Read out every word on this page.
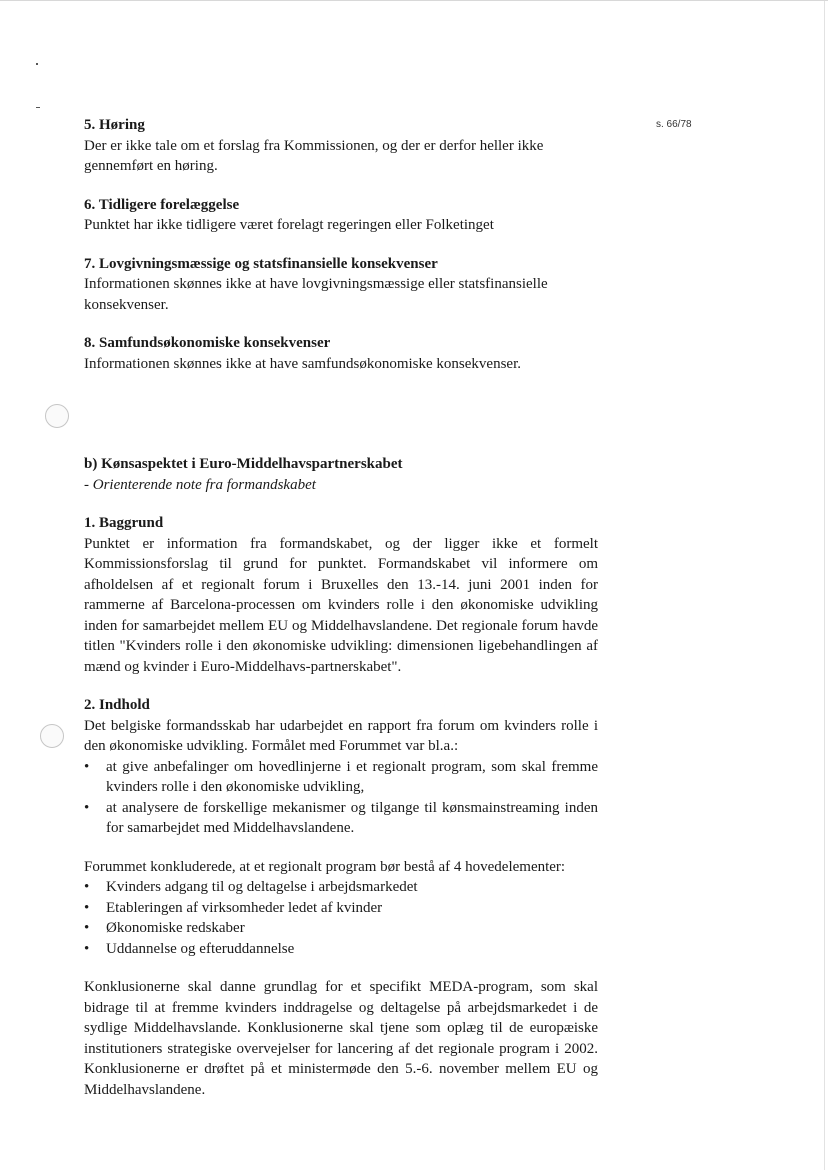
s. 66/78
5. Høring

Der er ikke tale om et forslag fra Kommissionen, og der er derfor heller ikke

gennemført en høring.

6. Tidligere forelæggelse

Punktet har ikke tidligere været forelagt regeringen eller Folketinget

7. Lovgivningsmæssige og statsfinansielle konsekvenser

Informationen skønnes ikke at have lovgivningsmæssige eller statsfinansielle

konsekvenser.

8. Samfundsøkonomiske konsekvenser

Informationen skønnes ikke at have samfundsøkonomiske konsekvenser.

b) Kønsaspektet i Euro-Middelhavspartnerskabet
- Orienterende note fra formandskabet
1. Baggrund

Punktet er information fra formandskabet, og der ligger ikke et formelt Kommissionsforslag til grund for punktet. Formandskabet vil informere om afholdelsen af et regionalt forum i Bruxelles den 13.-14. juni 2001 inden for rammerne af Barcelona-processen om kvinders rolle i den økonomiske udvikling inden for samarbejdet mellem EU og Middelhavslandene. Det regionale forum havde titlen "Kvinders rolle i den økonomiske udvikling: dimensionen ligebehandlingen af mænd og kvinder i Euro-Middelhavs-partnerskabet".

2. Indhold

Det belgiske formandsskab har udarbejdet en rapport fra forum om kvinders rolle i den økonomiske udvikling. Formålet med Forummet var bl.a.:

• at give anbefalinger om hovedlinjerne i et regionalt program, som skal fremme kvinders rolle i den økonomiske udvikling,
• at analysere de forskellige mekanismer og tilgange til kønsmainstreaming inden for samarbejdet med Middelhavslandene.

Forummet konkluderede, at et regionalt program bør bestå af 4 hovedelementer:

• Kvinders adgang til og deltagelse i arbejdsmarkedet
• Etableringen af virksomheder ledet af kvinder
• Økonomiske redskaber
• Uddannelse og efteruddannelse

Konklusionerne skal danne grundlag for et specifikt MEDA-program, som skal bidrage til at fremme kvinders inddragelse og deltagelse på arbejdsmarkedet i de sydlige Middelhavslande. Konklusionerne skal tjene som oplæg til de europæiske institutioners strategiske overvejelser for lancering af det regionale program i 2002. Konklusionerne er drøftet på et ministermøde den 5.-6. november mellem EU og Middelhavslandene.
